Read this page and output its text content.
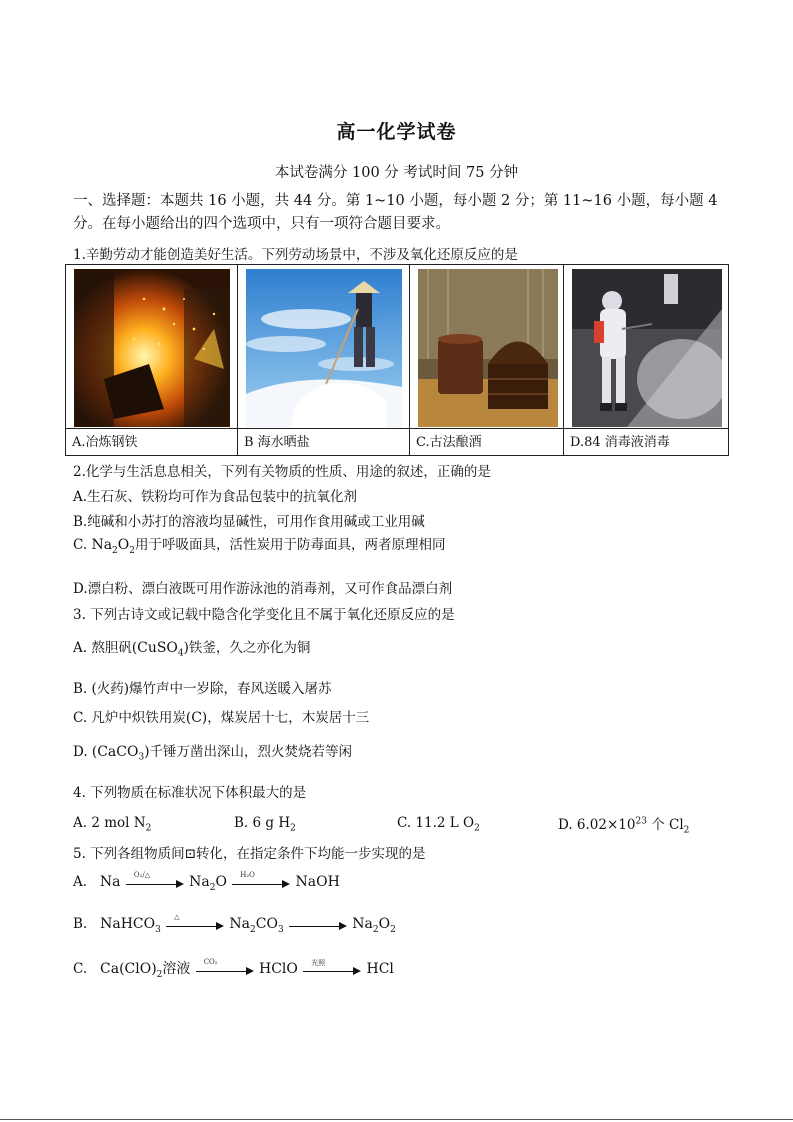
高一化学试卷
本试卷满分 100 分 考试时间 75 分钟
一、选择题：本题共 16 小题，共 44 分。第 1~10 小题，每小题 2 分；第 11~16 小题，每小题 4 分。在每小题给出的四个选项中，只有一项符合题目要求。
1.辛勤劳动才能创造美好生活。下列劳动场景中，不涉及氧化还原反应的是
A.冶炼钢铁	B 海水晒盐	C.古法酿酒	D.84 消毒液消毒
2.化学与生活息息相关，下列有关物质的性质、用途的叙述，正确的是
A.生石灰、铁粉均可作为食品包装中的抗氧化剂
B.纯碱和小苏打的溶液均显碱性，可用作食用碱或工业用碱
C. $Na_2O_2$用于呼吸面具，活性炭用于防毒面具，两者原理相同
D.漂白粉、漂白液既可用作游泳池的消毒剂，又可作食品漂白剂
3. 下列古诗文或记载中隐含化学变化且不属于氧化还原反应的是
A. 熬胆矾(CuSO$_4$)铁釜，久之亦化为铜
B. (火药)爆竹声中一岁除，春风送暖入屠苏
C. 凡炉中炽铁用炭(C)，煤炭居十七，木炭居十三
D. (CaCO$_3$)千锤万凿出深山，烈火焚烧若等闲
4. 下列物质在标准状况下体积最大的是
A. 2 mol $N_2$	B. 6 g $H_2$	C. 11.2 L $O_2$	D. $6.02\times 10^{23}$ 个 $Cl_2$
5. 下列各组物质间⊡转化，在指定条件下均能一步实现的是
A. Na O₂/△	$Na_2O$ H₂O	NaOH
B. NaHCO$_3$
△	$Na_2CO_3$	$Na_2O_2$
C. $Ca(ClO)_2$溶液 CO₂	HClO 光照	HCl
